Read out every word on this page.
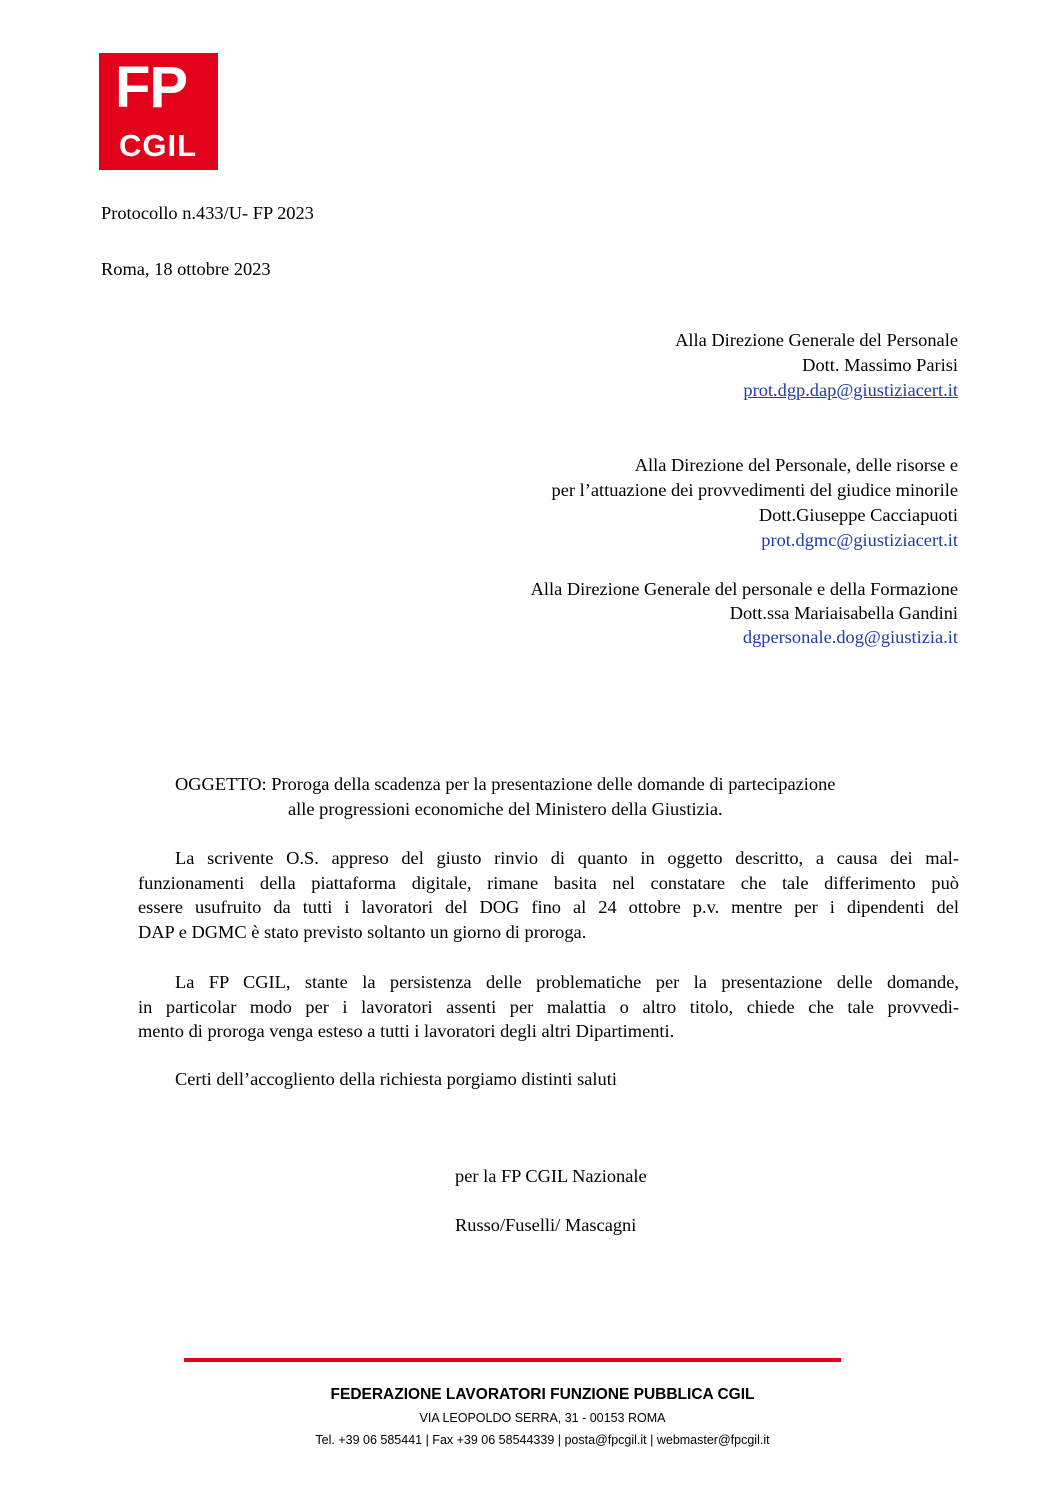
FP
CGIL
Protocollo n.433/U- FP 2023
Roma, 18 ottobre 2023
Alla Direzione Generale del Personale
Dott. Massimo Parisi
prot.dgp.dap@giustiziacert.it
Alla Direzione del Personale, delle risorse e
per l’attuazione dei provvedimenti del giudice minorile
Dott.Giuseppe Cacciapuoti
prot.dgmc@giustiziacert.it
Alla Direzione Generale del personale e della Formazione
Dott.ssa Mariaisabella Gandini
dgpersonale.dog@giustizia.it
OGGETTO: Proroga della scadenza per la presentazione delle domande di partecipazione
alle progressioni economiche del Ministero della Giustizia.
La scrivente O.S. appreso del giusto rinvio di quanto in oggetto descritto, a causa dei mal-
funzionamenti della piattaforma digitale, rimane basita nel constatare che tale differimento può
essere usufruito da tutti i lavoratori del DOG fino al 24 ottobre p.v. mentre per i dipendenti del
DAP e DGMC è stato previsto soltanto un giorno di proroga.
La FP CGIL, stante la persistenza delle problematiche per la presentazione delle domande,
in particolar modo per i lavoratori assenti per malattia o altro titolo, chiede che tale provvedi-
mento di proroga venga esteso a tutti i lavoratori degli altri Dipartimenti.
Certi dell’accogliento della richiesta porgiamo distinti saluti
per la FP CGIL Nazionale
Russo/Fuselli/ Mascagni
FEDERAZIONE LAVORATORI FUNZIONE PUBBLICA CGIL
VIA LEOPOLDO SERRA, 31 - 00153 ROMA
Tel. +39 06 585441 | Fax +39 06 58544339 | posta@fpcgil.it | webmaster@fpcgil.it
